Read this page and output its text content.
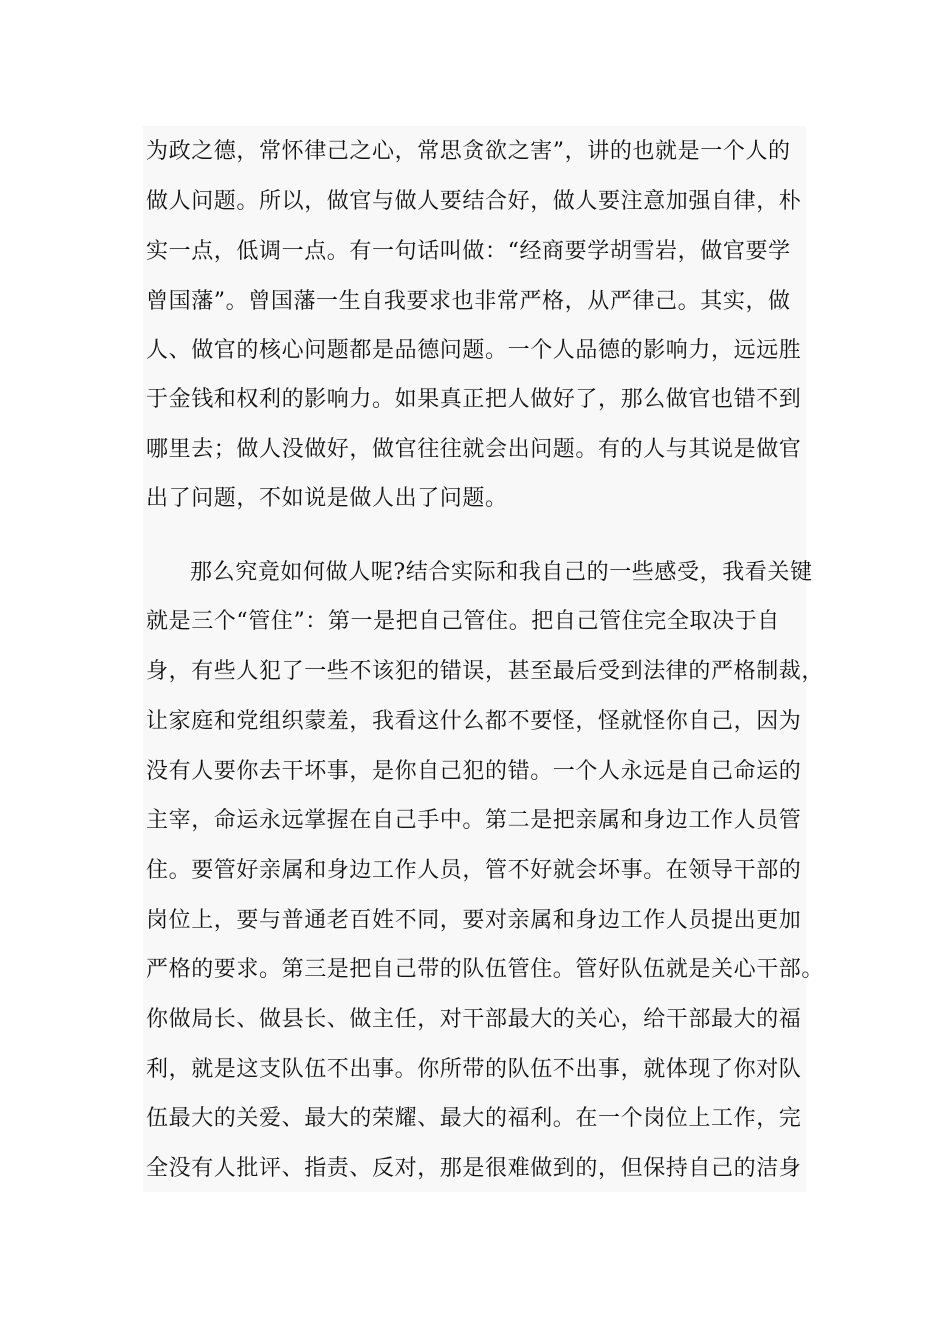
为政之德，常怀律己之心，常思贪欲之害”，讲的也就是一个人的
做人问题。所以，做官与做人要结合好，做人要注意加强自律，朴
实一点，低调一点。有一句话叫做：“经商要学胡雪岩，做官要学
曾国藩”。曾国藩一生自我要求也非常严格，从严律己。其实，做
人、做官的核心问题都是品德问题。一个人品德的影响力，远远胜
于金钱和权利的影响力。如果真正把人做好了，那么做官也错不到
哪里去；做人没做好，做官往往就会出问题。有的人与其说是做官
出了问题，不如说是做人出了问题。
那么究竟如何做人呢?结合实际和我自己的一些感受，我看关键
就是三个“管住”：第一是把自己管住。把自己管住完全取决于自
身，有些人犯了一些不该犯的错误，甚至最后受到法律的严格制裁，
让家庭和党组织蒙羞，我看这什么都不要怪，怪就怪你自己，因为
没有人要你去干坏事，是你自己犯的错。一个人永远是自己命运的
主宰，命运永远掌握在自己手中。第二是把亲属和身边工作人员管
住。要管好亲属和身边工作人员，管不好就会坏事。在领导干部的
岗位上，要与普通老百姓不同，要对亲属和身边工作人员提出更加
严格的要求。第三是把自己带的队伍管住。管好队伍就是关心干部。
你做局长、做县长、做主任，对干部最大的关心，给干部最大的福
利，就是这支队伍不出事。你所带的队伍不出事，就体现了你对队
伍最大的关爱、最大的荣耀、最大的福利。在一个岗位上工作，完
全没有人批评、指责、反对，那是很难做到的，但保持自己的洁身
